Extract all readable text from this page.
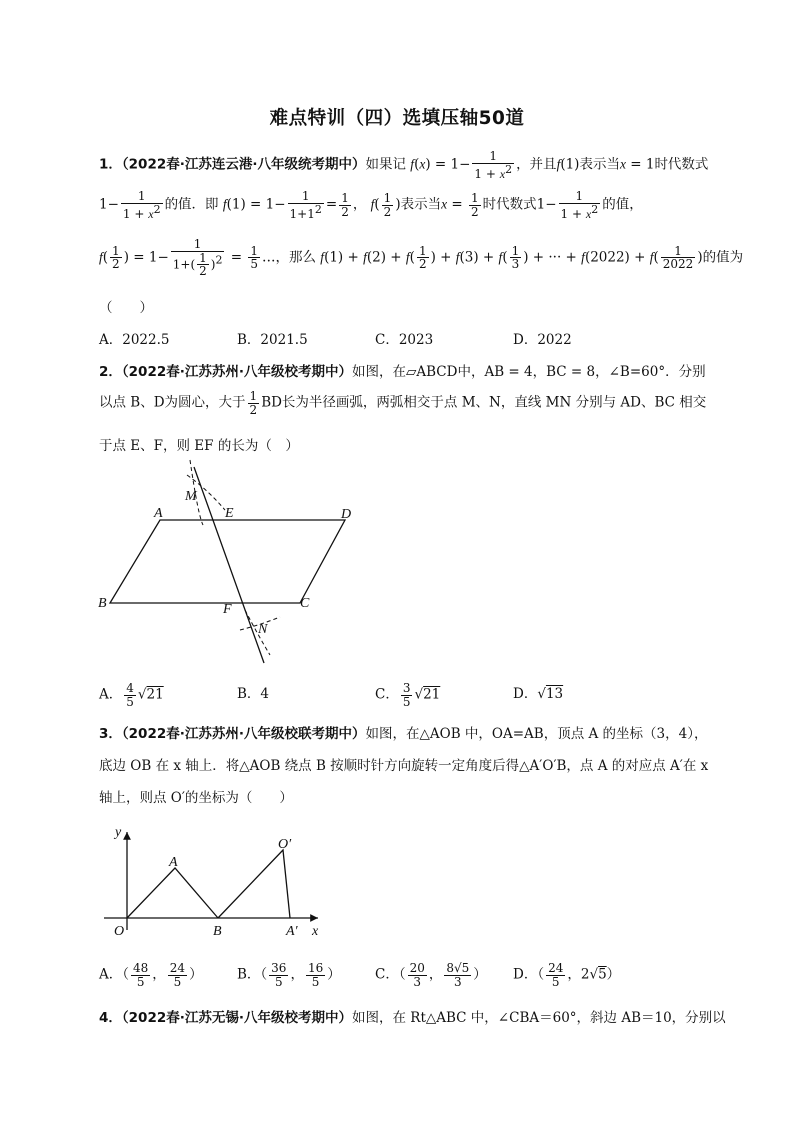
难点特训（四）选填压轴50道
1．（2022春·江苏连云港·八年级统考期中）如果记 $f(x) = 1- \frac{1}{1 + x^2}$ ，并且f(1)表示当x = 1时代数式
$1- \frac{1}{1 + x^2}$ 的值．即 $f(1) = 1- \frac{1}{1+1^2} = \frac{1}{2}$ ， $f( \frac{1}{2}$ )表示当$x = \frac{1}{2}$ 时代数式$1- \frac{1}{1 + x^2}$ 的值，
$f( \frac{1}{2}$ ) = $1- \frac{1}{1+( \frac{1}{2} )^2} = \frac{1}{5}$ …，那么 $f(1) + f(2) + f( \frac{1}{2}$ ) + $f(3) + f( \frac{1}{3}$ ) + ··· + $f(2022) + f( \frac{1}{2022}$ )的值为
（　　）
A．2022.5	B．2021.5	C．2023	D．2022
2．（2022春·江苏苏州·八年级校考期中）如图，在▱ABCD中，AB = 4，BC = 8，∠B=60°．分别
以点 B、D为圆心，大于 $\frac{1}{2}$ BD长为半径画弧，两弧相交于点 M、N，直线 MN 分别与 AD、BC 相交
于点 E、F，则 EF 的长为（　）
M
A	E	D
B	C
F
N
A． $\frac{4}{5} √21$	B．4	C． $\frac{3}{5} √21$	D．√13
3．（2022春·江苏苏州·八年级校联考期中）如图，在△AOB 中，OA=AB，顶点 A 的坐标（3，4），
底边 OB 在 x 轴上．将△AOB 绕点 B 按顺时针方向旋转一定角度后得△A′O′B，点 A 的对应点 A′在 x
轴上，则点 O′的坐标为（　　）
y
x
O
A
B
O′
A′
A．（ $\frac{48}{5}$ ， $\frac{24}{5}$ ）	B．（ $\frac{36}{5}$ ， $\frac{16}{5}$ ）	C．（ $\frac{20}{3}$ ， $\frac{8√5}{3}$ ）	D．（ $\frac{24}{5}$ ，2√5）
4．（2022春·江苏无锡·八年级校考期中）如图，在 Rt△ABC 中，∠CBA＝60°，斜边 AB＝10，分别以
